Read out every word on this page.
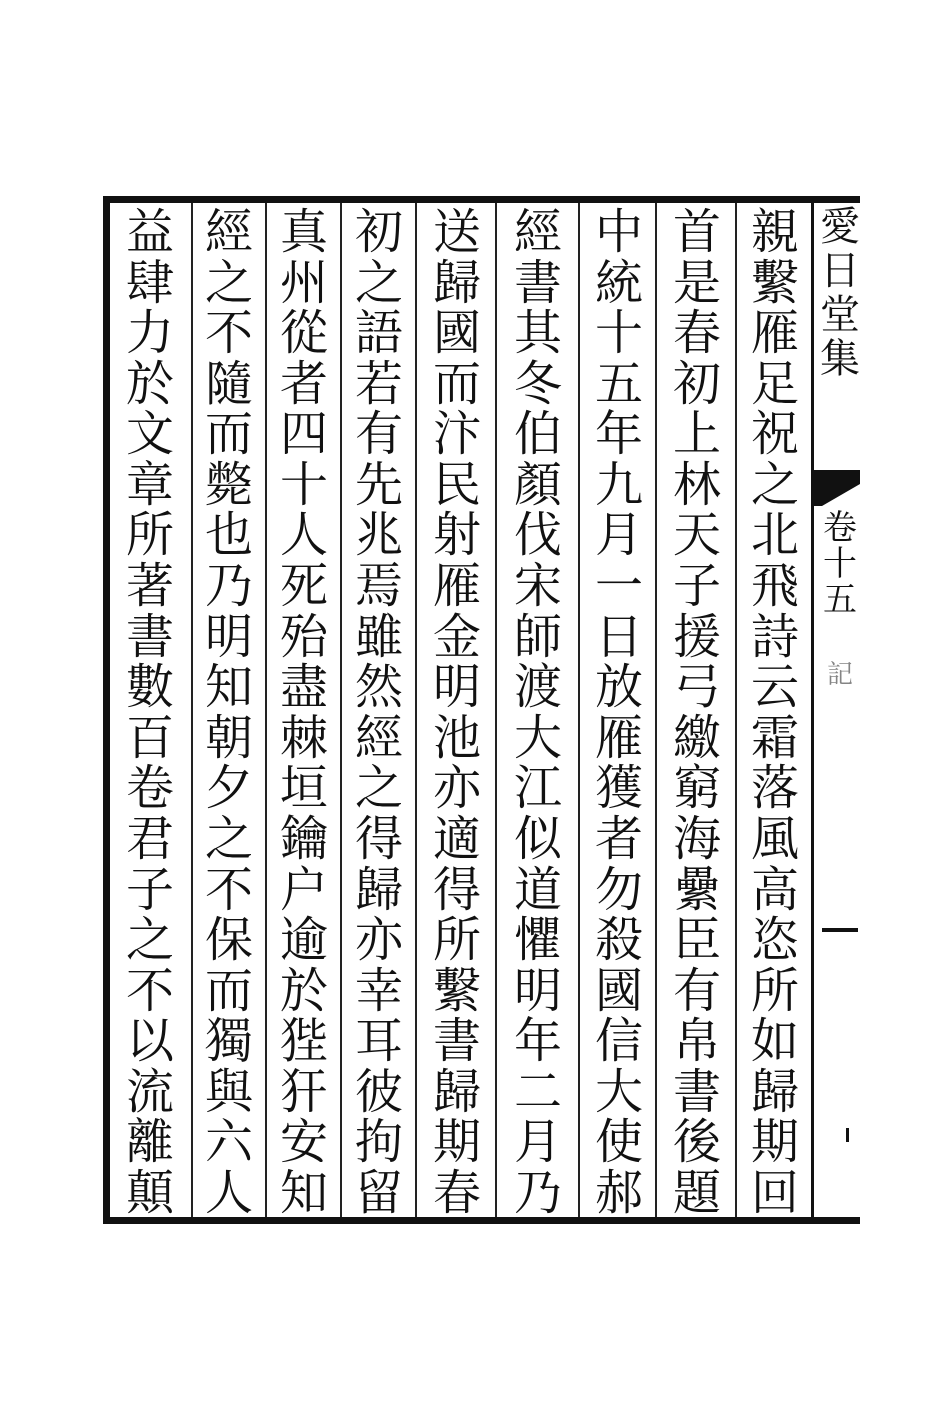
親
繫
雁
足
祝
之
北
飛
詩
云
霜
落
風
高
恣
所
如
歸
期
回
首
是
春
初
上
林
天
子
援
弓
繳
窮
海
纍
臣
有
帛
書
後
題
中
統
十
五
年
九
月
一
日
放
雁
獲
者
勿
殺
國
信
大
使
郝
經
書
其
冬
伯
顏
伐
宋
師
渡
大
江
似
道
懼
明
年
二
月
乃
送
歸
國
而
汴
民
射
雁
金
明
池
亦
適
得
所
繫
書
歸
期
春
初
之
語
若
有
先
兆
焉
雖
然
經
之
得
歸
亦
幸
耳
彼
拘
留
真
州
從
者
四
十
人
死
殆
盡
棘
垣
鑰
户
逾
於
狴
犴
安
知
經
之
不
隨
而
斃
也
乃
明
知
朝
夕
之
不
保
而
獨
與
六
人
益
肆
力
於
文
章
所
著
書
數
百
卷
君
子
之
不
以
流
離
顛
愛
日
堂
集
卷
十
五
記
